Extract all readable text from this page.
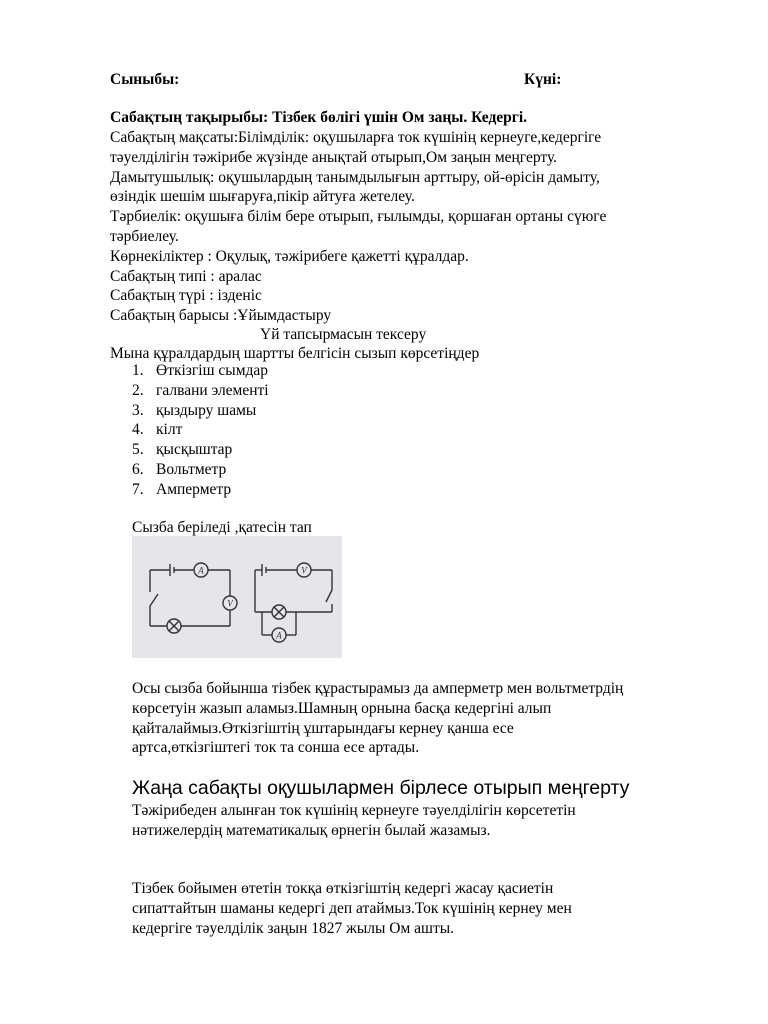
Сыныбы:	Күні:
Сабақтың тақырыбы: Тізбек бөлігі үшін Ом заңы. Кедергі.
Сабақтың мақсаты:Білімділік: оқушыларға ток күшінің кернеуге,кедергіге
тәуелділігін тәжірибе жүзінде анықтай отырып,Ом заңын меңгерту.
Дамытушылық: оқушылардың танымдылығын арттыру, ой-өрісін дамыту,
өзіндік шешім шығаруға,пікір айтуға жетелеу.
Тәрбиелік: оқушыға білім бере отырып, ғылымды, қоршаған ортаны сүюге
тәрбиелеу.
Көрнекіліктер : Оқулық, тәжірибеге қажетті құралдар.
Сабақтың типі : аралас
Сабақтың түрі : ізденіс
Сабақтың барысы :Ұйымдастыру
Үй тапсырмасын тексеру
Мына құралдардың шартты белгісін сызып көрсетіңдер
1. Өткізгіш сымдар
2. галвани элементі
3. қыздыру шамы
4. кілт
5. қысқыштар
6. Вольтметр
7. Амперметр
Сызба беріледі ,қатесін тап
A
V
V
A
Осы сызба бойынша тізбек құрастырамыз да амперметр мен вольтметрдің
көрсетуін жазып аламыз.Шамның орнына басқа кедергіні алып
қайталаймыз.Өткізгіштің ұштарындағы кернеу қанша есе
артса,өткізгіштегі ток та сонша есе артады.
Жаңа сабақты оқушылармен бірлесе отырып меңгерту
Тәжірибеден алынған ток күшінің кернеуге тәуелділігін көрсететін
нәтижелердің математикалық өрнегін былай жазамыз.
Тізбек бойымен өтетін токқа өткізгіштің кедергі жасау қасиетін
сипаттайтын шаманы кедергі деп атаймыз.Ток күшінің кернеу мен
кедергіге тәуелділік заңын 1827 жылы Ом ашты.
